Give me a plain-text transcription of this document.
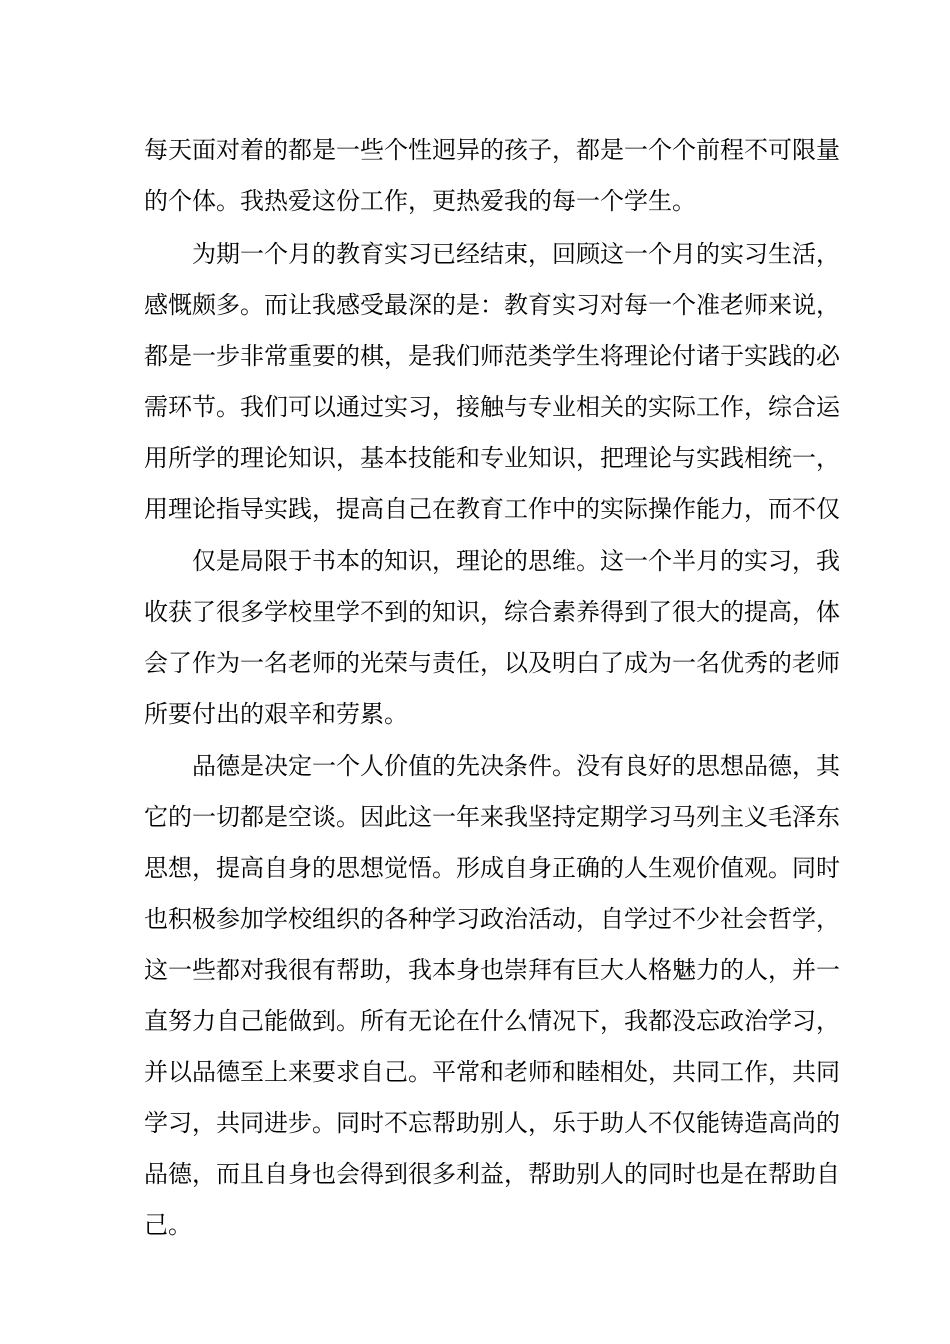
每天面对着的都是一些个性迥异的孩子，都是一个个前程不可限量

的个体。我热爱这份工作，更热爱我的每一个学生。

为期一个月的教育实习已经结束，回顾这一个月的实习生活，

感慨颇多。而让我感受最深的是：教育实习对每一个准老师来说，

都是一步非常重要的棋，是我们师范类学生将理论付诸于实践的必

需环节。我们可以通过实习，接触与专业相关的实际工作，综合运

用所学的理论知识，基本技能和专业知识，把理论与实践相统一，

用理论指导实践，提高自己在教育工作中的实际操作能力，而不仅

仅是局限于书本的知识，理论的思维。这一个半月的实习，我

收获了很多学校里学不到的知识，综合素养得到了很大的提高，体

会了作为一名老师的光荣与责任，以及明白了成为一名优秀的老师

所要付出的艰辛和劳累。

品德是决定一个人价值的先决条件。没有良好的思想品德，其

它的一切都是空谈。因此这一年来我坚持定期学习马列主义毛泽东

思想，提高自身的思想觉悟。形成自身正确的人生观价值观。同时

也积极参加学校组织的各种学习政治活动，自学过不少社会哲学，

这一些都对我很有帮助，我本身也崇拜有巨大人格魅力的人，并一

直努力自己能做到。所有无论在什么情况下，我都没忘政治学习，

并以品德至上来要求自己。平常和老师和睦相处，共同工作，共同

学习，共同进步。同时不忘帮助别人，乐于助人不仅能铸造高尚的

品德，而且自身也会得到很多利益，帮助别人的同时也是在帮助自

己。
